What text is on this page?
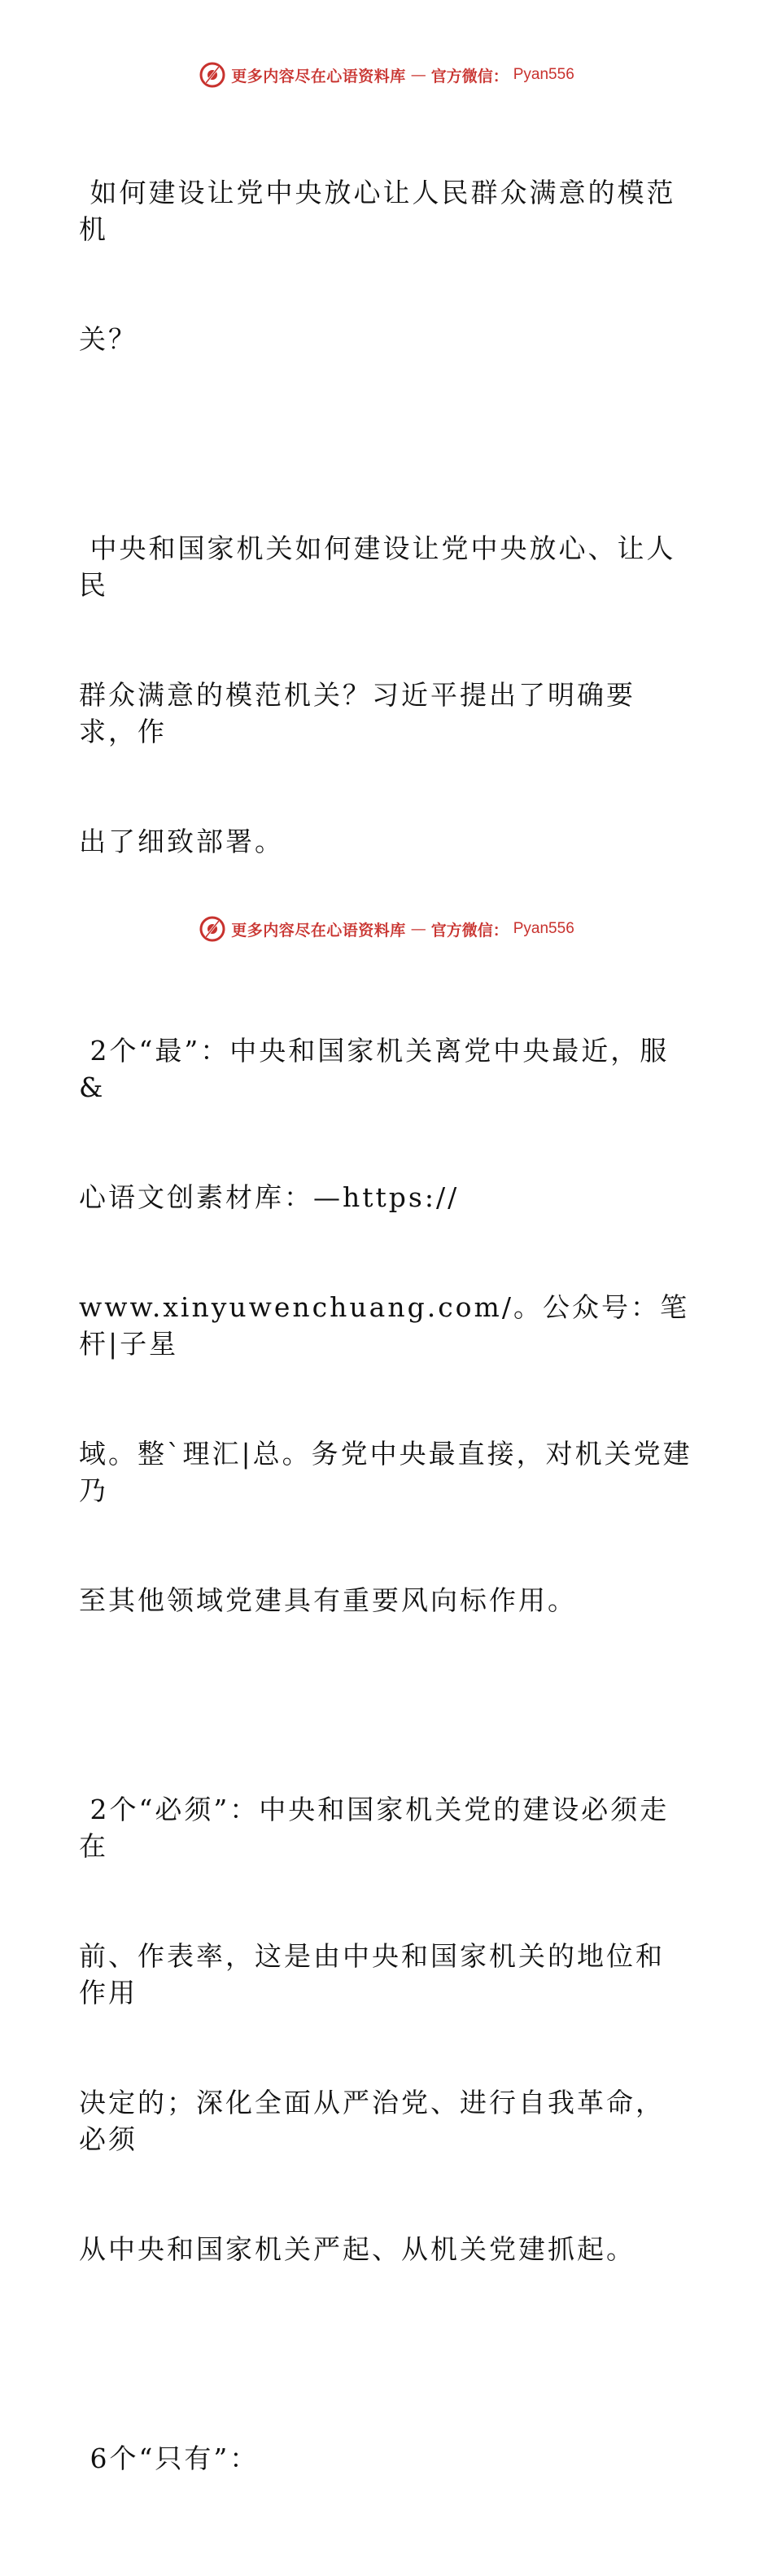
更多内容尽在心语资料库 — 官方微信： Pyan556

如何建设让党中央放心让人民群众满意的模范机

关？

中央和国家机关如何建设让党中央放心、让人民

群众满意的模范机关？习近平提出了明确要求，作

出了细致部署。

2个“最”：中央和国家机关离党中央最近，服&

心语文创素材库：—https://

www.xinyuwenchuang.com/。公众号：笔杆|子星

域。整`理汇|总。务党中央最直接，对机关党建乃

至其他领域党建具有重要风向标作用。

2个“必须”：中央和国家机关党的建设必须走在

前、作表率，这是由中央和国家机关的地位和作用

决定的；深化全面从严治党、进行自我革命，必须

从中央和国家机关严起、从机关党建抓起。

6个“只有”：

更多内容尽在心语资料库 — 官方微信： Pyan556
